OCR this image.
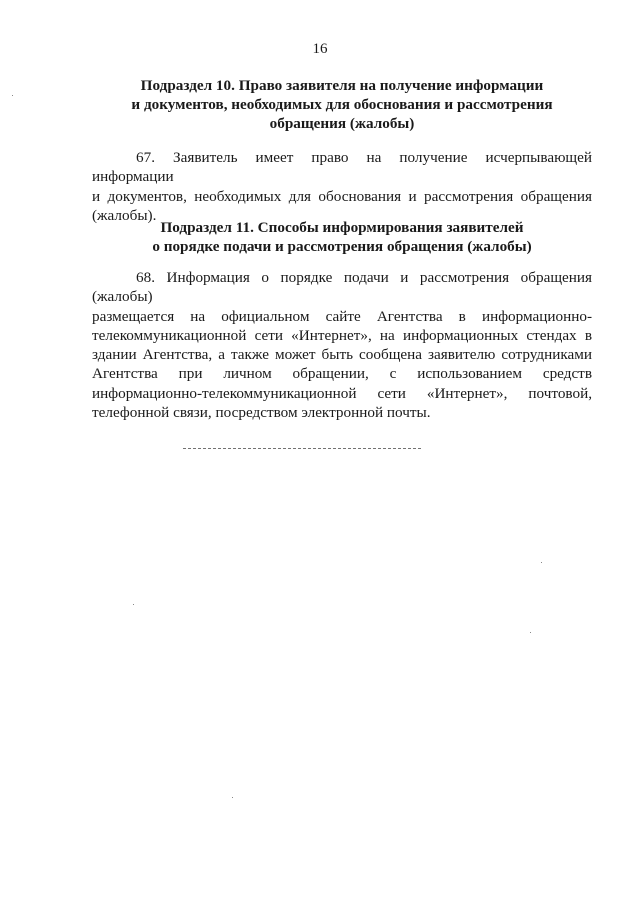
16
Подраздел 10. Право заявителя на получение информации
и документов, необходимых для обоснования и рассмотрения
обращения (жалобы)
67. Заявитель имеет право на получение исчерпывающей информации
и документов, необходимых для обоснования и рассмотрения обращения
(жалобы).
Подраздел 11. Способы информирования заявителей
о порядке подачи и рассмотрения обращения (жалобы)
68. Информация о порядке подачи и рассмотрения обращения (жалобы)
размещается на официальном сайте Агентства в информационно-
телекоммуникационной сети «Интернет», на информационных стендах в
здании Агентства, а также может быть сообщена заявителю сотрудниками
Агентства при личном обращении, с использованием средств
информационно-телекоммуникационной сети «Интернет», почтовой,
телефонной связи, посредством электронной почты.
